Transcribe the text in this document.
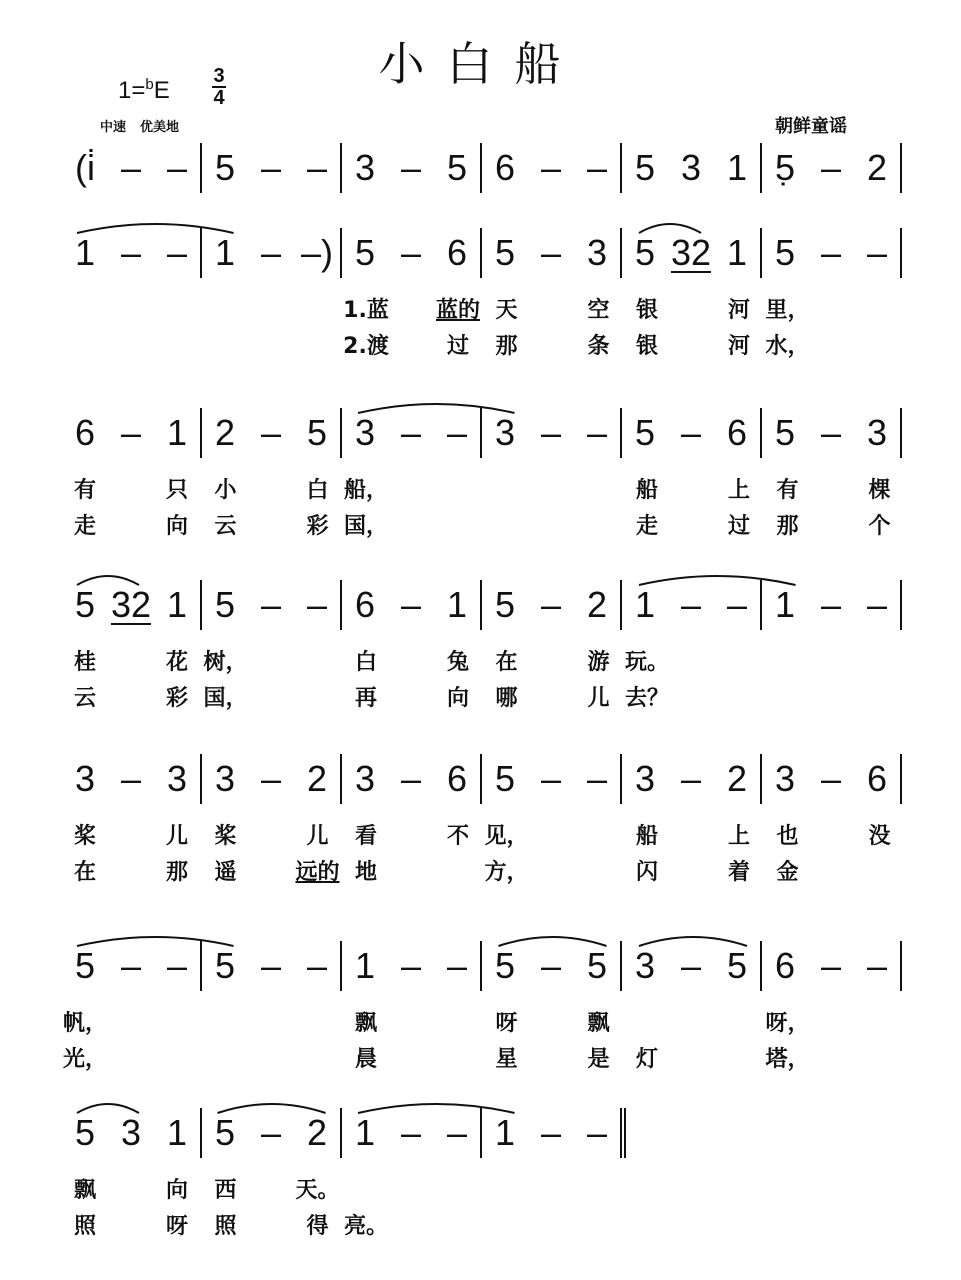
小白船
1=$^b$E
3
4
中速 优美地	朝鲜童谣
(i̇ – – 5 – – 3 – 5 6 – – 5 3 1 5̣ – 2
1 – – 1 – –) 5 – 6 5 – 3 5 32 1 5 – –
1.蓝 蓝的 天	空	银	河 里，
2.渡	过	那	条	银	河 水，
6 – 1 2 – 5 3 – – 3 – – 5 – 6 5 – 3
有	只	小	白 船，	船	上	有	棵
走	向	云	彩 国，	走	过	那	个
5 32 1 5 – – 6 – 1 5 – 2 1 – – 1 – –
桂	花 树，	白	兔	在	游 玩。
云	彩 国，	再	向	哪	儿 去？
3 – 3 3 – 2 3 – 6 5 – – 3 – 2 3 – 6
桨	儿	桨	儿	看	不 见，	船	上	也	没
在	那	遥	远的 地	方，	闪	着	金
5 – – 5 – – 1 – – 5 – 5 3 – 5 6 – –
帆，	飘	呀	飘	呀，
光，	晨	星	是	灯	塔，
5 3 1 5 – 2 1 – – 1 – –
飘	向	西	天。
照	呀	照	得 亮。
